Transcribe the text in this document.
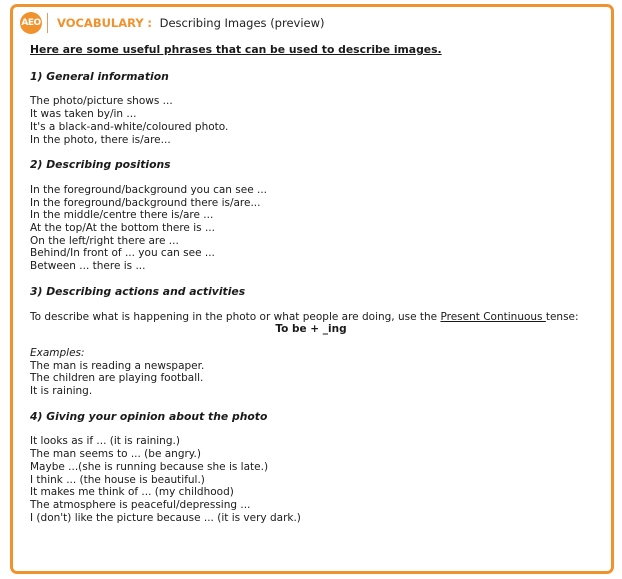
AEO VOCABULARY : Describing Images (preview)
Here are some useful phrases that can be used to describe images.
1) General information
The photo/picture shows ...
It was taken by/in ...
It's a black-and-white/coloured photo.
In the photo, there is/are...
2) Describing positions
In the foreground/background you can see ...
In the foreground/background there is/are...
In the middle/centre there is/are ...
At the top/At the bottom there is ...
On the left/right there are ...
Behind/In front of ... you can see ...
Between ... there is ...
3) Describing actions and activities
To describe what is happening in the photo or what people are doing, use the Present Continuous tense:
To be + _ing
Examples:
The man is reading a newspaper.
The children are playing football.
It is raining.
4) Giving your opinion about the photo
It looks as if ... (it is raining.)
The man seems to ... (be angry.)
Maybe ...(she is running because she is late.)
I think ... (the house is beautiful.)
It makes me think of ... (my childhood)
The atmosphere is peaceful/depressing ...
I (don't) like the picture because ... (it is very dark.)
